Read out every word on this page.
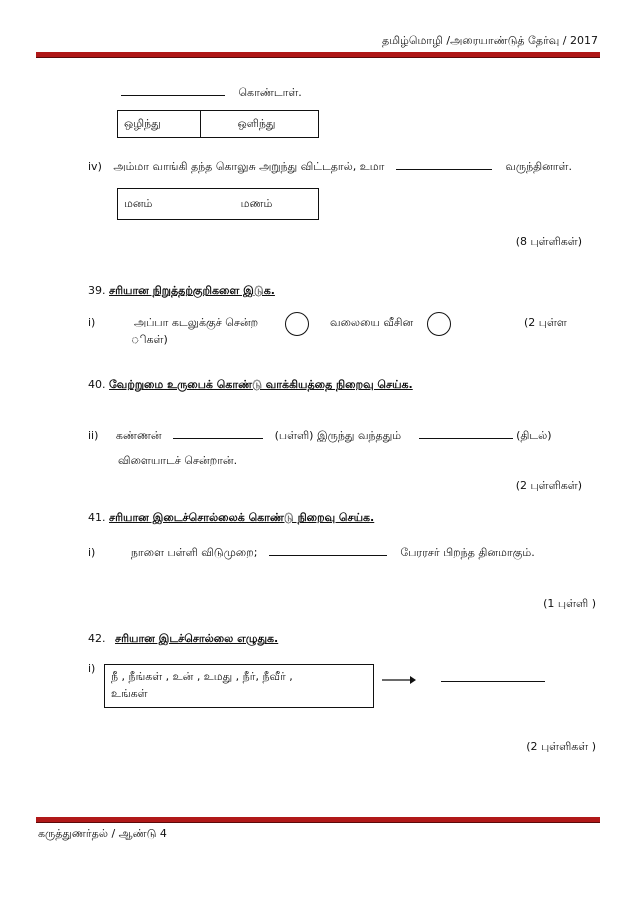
தமிழ்மொழி /அரையாண்டுத் தேர்வு / 2017
கொண்டாள்.
ஒழிந்து	ஒளிந்து
iv) அம்மா வாங்கி தந்த கொலுசு அறுந்து விட்டதால், உமா	வருந்தினாள்.
மனம்	மணம்
(8 புள்ளிகள்)
39. சரியான நிறுத்தற்குறிகளை இடுக.
i)	அப்பா கடலுக்குச் சென்ற	வலையை வீசின	(2 புள்ள
ிகள்)
40. வேற்றுமை உருபைக் கொண்டு வாக்கியத்தை நிறைவு செய்க.
ii) கண்ணன்	(பள்ளி) இருந்து வந்ததும்	(திடல்)
விளையாடச் சென்றான்.
(2 புள்ளிகள்)
41. சரியான இடைச்சொல்லைக் கொண்டு நிறைவு செய்க.
i)	நாளை பள்ளி விடுமுறை;	பேரரசர் பிறந்த தினமாகும்.
(1 புள்ளி )
42. சரியான இடச்சொல்லை எழுதுக.
i)
நீ , நீங்கள் , உன் , உமது , நீர், நீவீர் ,
உங்கள்
(2 புள்ளிகள் )
கருத்துணர்தல் / ஆண்டு 4
